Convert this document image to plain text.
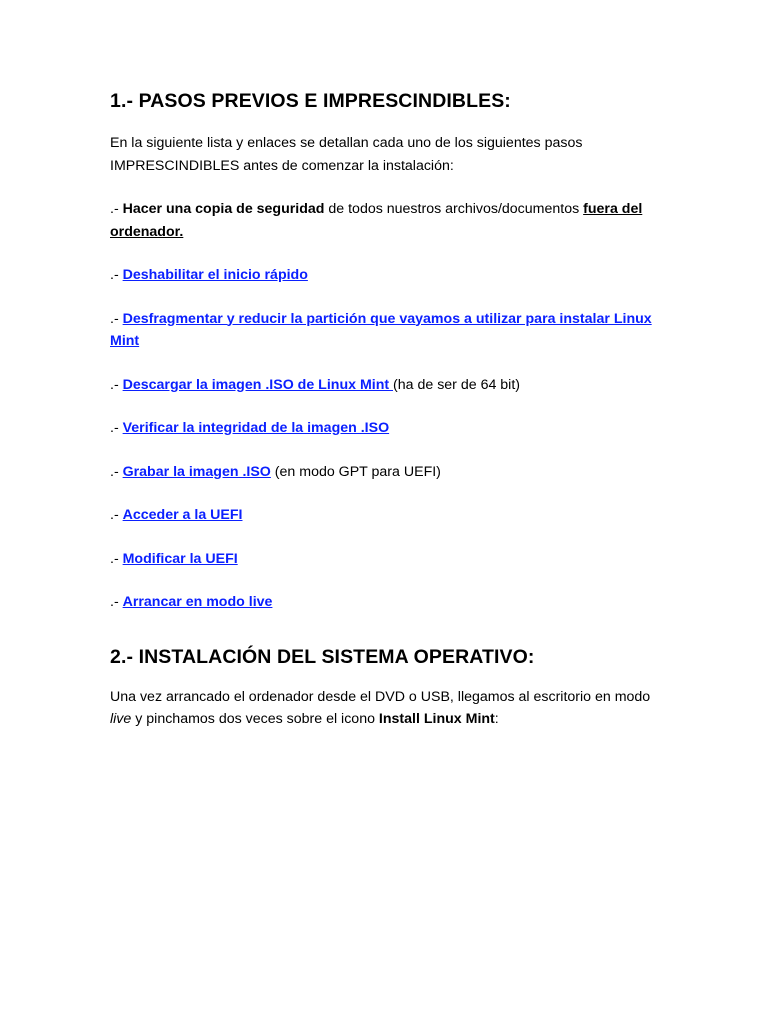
1.- PASOS PREVIOS E IMPRESCINDIBLES:

En la siguiente lista y enlaces se detallan cada uno de los siguientes pasos IMPRESCINDIBLES antes de comenzar la instalación:

.- Hacer una copia de seguridad de todos nuestros archivos/documentos fuera del ordenador.

.- Deshabilitar el inicio rápido

.- Desfragmentar y reducir la partición que vayamos a utilizar para instalar Linux Mint

.- Descargar la imagen .ISO de Linux Mint (ha de ser de 64 bit)

.- Verificar la integridad de la imagen .ISO

.- Grabar la imagen .ISO (en modo GPT para UEFI)

.- Acceder a la UEFI

.- Modificar la UEFI

.- Arrancar en modo live

2.- INSTALACIÓN DEL SISTEMA OPERATIVO:

Una vez arrancado el ordenador desde el DVD o USB, llegamos al escritorio en modo live y pinchamos dos veces sobre el icono Install Linux Mint:
